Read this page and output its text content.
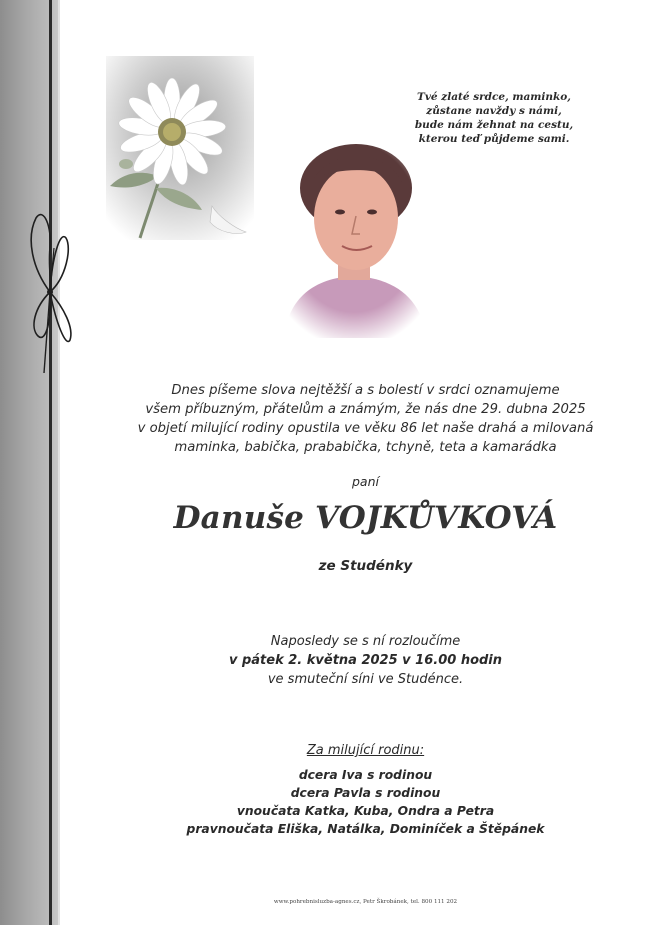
Tvé zlaté srdce, maminko,
zůstane navždy s námi,
bude nám žehnat na cestu,
kterou teď půjdeme sami.
Dnes píšeme slova nejtěžší a s bolestí v srdci oznamujeme
všem příbuzným, přátelům a známým, že nás dne 29. dubna 2025
v objetí milující rodiny opustila ve věku 86 let naše drahá a milovaná
maminka, babička, prababička, tchyně, teta a kamarádka
paní
Danuše VOJKŮVKOVÁ
ze Studénky
Naposledy se s ní rozloučíme
v pátek 2. května 2025 v 16.00 hodin
ve smuteční síni ve Studénce.
Za milující rodinu:
dcera Iva s rodinou
dcera Pavla s rodinou
vnoučata Katka, Kuba, Ondra a Petra
pravnoučata Eliška, Natálka, Dominíček a Štěpánek
www.pohrebnisluzba-agnes.cz, Petr Škrobánek, tel. 800 111 202
